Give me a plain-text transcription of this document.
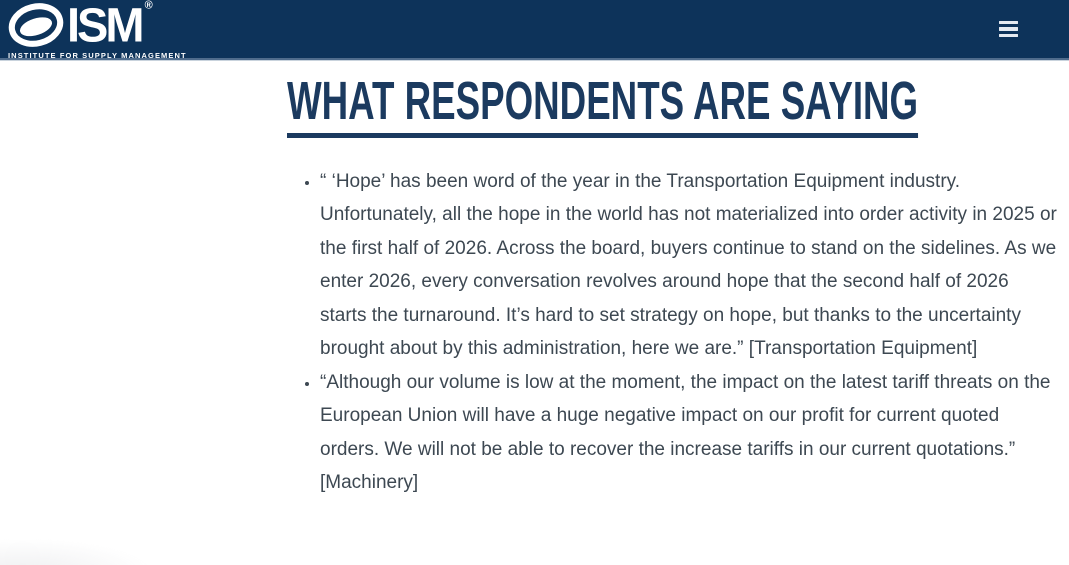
ISM ®
INSTITUTE FOR SUPPLY MANAGEMENT
WHAT RESPONDENTS ARE SAYING
• “ ‘Hope’ has been word of the year in the Transportation Equipment industry. Unfortunately, all the hope in the world has not materialized into order activity in 2025 or the first half of 2026. Across the board, buyers continue to stand on the sidelines. As we enter 2026, every conversation revolves around hope that the second half of 2026 starts the turnaround. It’s hard to set strategy on hope, but thanks to the uncertainty brought about by this administration, here we are.” [Transportation Equipment]
• “Although our volume is low at the moment, the impact on the latest tariff threats on the European Union will have a huge negative impact on our profit for current quoted orders. We will not be able to recover the increase tariffs in our current quotations.” [Machinery]
